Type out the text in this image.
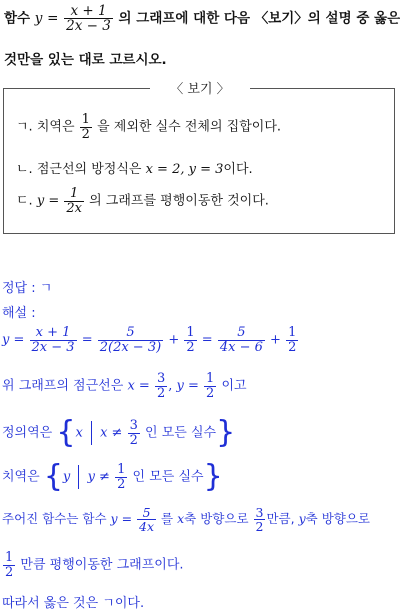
함수 $y = \frac{x + 1}{2x - 3}$ 의 그래프에 대한 다음 〈보기〉의 설명 중 옳은
것만을 있는 대로 고르시오.
〈 보기 〉
ㄱ. 치역은 $\frac{1}{2}$ 을 제외한 실수 전체의 집합이다.
ㄴ. 점근선의 방정식은 x = 2, y = 3이다.
ㄷ. $y = \frac{1}{2x}$ 의 그래프를 평행이동한 것이다.
정답 : ㄱ
해설 :
$y = \frac{x + 1}{2x - 3} = \frac{5}{2(2x - 3)} + \frac{1}{2} = \frac{5}{4x - 6} + \frac{1}{2}$
위 그래프의 점근선은 $x = \frac{3}{2}$ , $y = \frac{1}{2}$ 이고
정의역은 {x $x \ne \frac{3}{2}$ 인 모든 실수}
치역은 {y $y \ne \frac{1}{2}$ 인 모든 실수}
주어진 함수는 함수 $y = \frac{5}{4x}$ 를 x축 방향으로 $\frac{3}{2}$ 만큼, y축 방향으로
$\frac{1}{2}$ 만큼 평행이동한 그래프이다.
따라서 옳은 것은 ㄱ이다.
